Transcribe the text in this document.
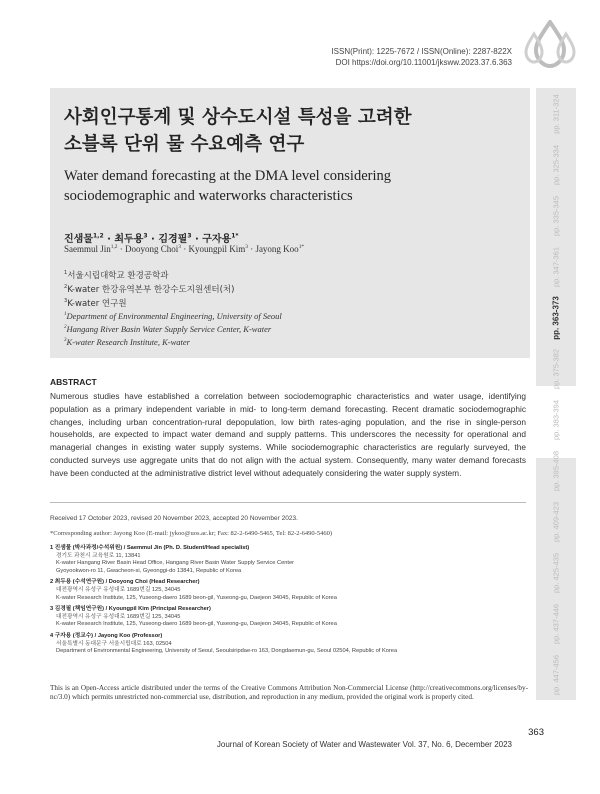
ISSN(Print): 1225-7672 / ISSN(Online): 2287-822X
DOI https://doi.org/10.11001/jksww.2023.37.6.363
pp. 311-324
pp. 325-334
pp. 335-345
pp. 347-361
pp. 363-373
pp. 375-382
pp. 383-394
pp. 395-408
pp. 409-423
pp. 425-435
pp. 437-446
pp. 447-456
사회인구통계 및 상수도시설 특성을 고려한
소블록 단위 물 수요예측 연구
Water demand forecasting at the DMA level considering
sociodemographic and waterworks characteristics
진샘물$^{1,2}$ · 최두용$^3$ · 김경필$^3$ · 구자용$^{1*}$
Saemmul Jin$^{1,2}$ · Dooyong Choi$^3$ · Kyoungpil Kim$^3$ · Jayong Koo$^{1*}$
$^1$서울시립대학교 환경공학과
$^2$K-water 한강유역본부 한강수도지원센터(처)
$^3$K-water 연구원
$^1$Department of Environmental Engineering, University of Seoul
$^2$Hangang River Basin Water Supply Service Center, K-water
$^3$K-water Research Institute, K-water
ABSTRACT
Numerous studies have established a correlation between sociodemographic characteristics and water usage, identifying population as a primary independent variable in mid- to long-term demand forecasting. Recent dramatic sociodemographic changes, including urban concentration-rural depopulation, low birth rates-aging population, and the rise in single-person households, are expected to impact water demand and supply patterns. This underscores the necessity for operational and managerial changes in existing water supply systems. While sociodemographic characteristics are regularly surveyed, the conducted surveys use aggregate units that do not align with the actual system. Consequently, many water demand forecasts have been conducted at the administrative district level without adequately considering the water supply system.
Received 17 October 2023, revised 20 November 2023, accepted 20 November 2023.
*Corresponding author: Jayong Koo (E-mail: jykoo@uos.ac.kr; Fax: 82-2-6490-5465, Tel: 82-2-6490-5460)
1 진샘물 (박사과정/수석위원) / Saemmul Jin (Ph. D. Student/Head specialist)
경기도 과천시 교육원로 11, 13841
K-water Hangang River Basin Head Office, Hangang River Basin Water Supply Service Center
Gyoyookwon-ro 11, Gwacheon-si, Gyeonggi-do 13841, Republic of Korea
2 최두용 (수석연구원) / Dooyong Choi (Head Researcher)
대전광역시 유성구 유성대로 1689번길 125, 34045
K-water Research Institute, 125, Yuseong-daero 1689 beon-gil, Yuseong-gu, Daejeon 34045, Republic of Korea
3 김경필 (책임연구원) / Kyoungpil Kim (Principal Researcher)
대전광역시 유성구 유성대로 1689번길 125, 34045
K-water Research Institute, 125, Yuseong-daero 1689 beon-gil, Yuseong-gu, Daejeon 34045, Republic of Korea
4 구자용 (정교수) / Jayong Koo (Professor)
서울특별시 동대문구 서울시립대로 163, 02504
Department of Environmental Engineering, University of Seoul, Seoulsiripdae-ro 163, Dongdaemun-gu, Seoul 02504, Republic of Korea
This is an Open-Access article distributed under the terms of the Creative Commons Attribution Non-Commercial License (http://creativecommons.org/licenses/by-nc/3.0) which permits unrestricted non-commercial use, distribution, and reproduction in any medium, provided the original work is properly cited.
363
Journal of Korean Society of Water and Wastewater Vol. 37, No. 6, December 2023
